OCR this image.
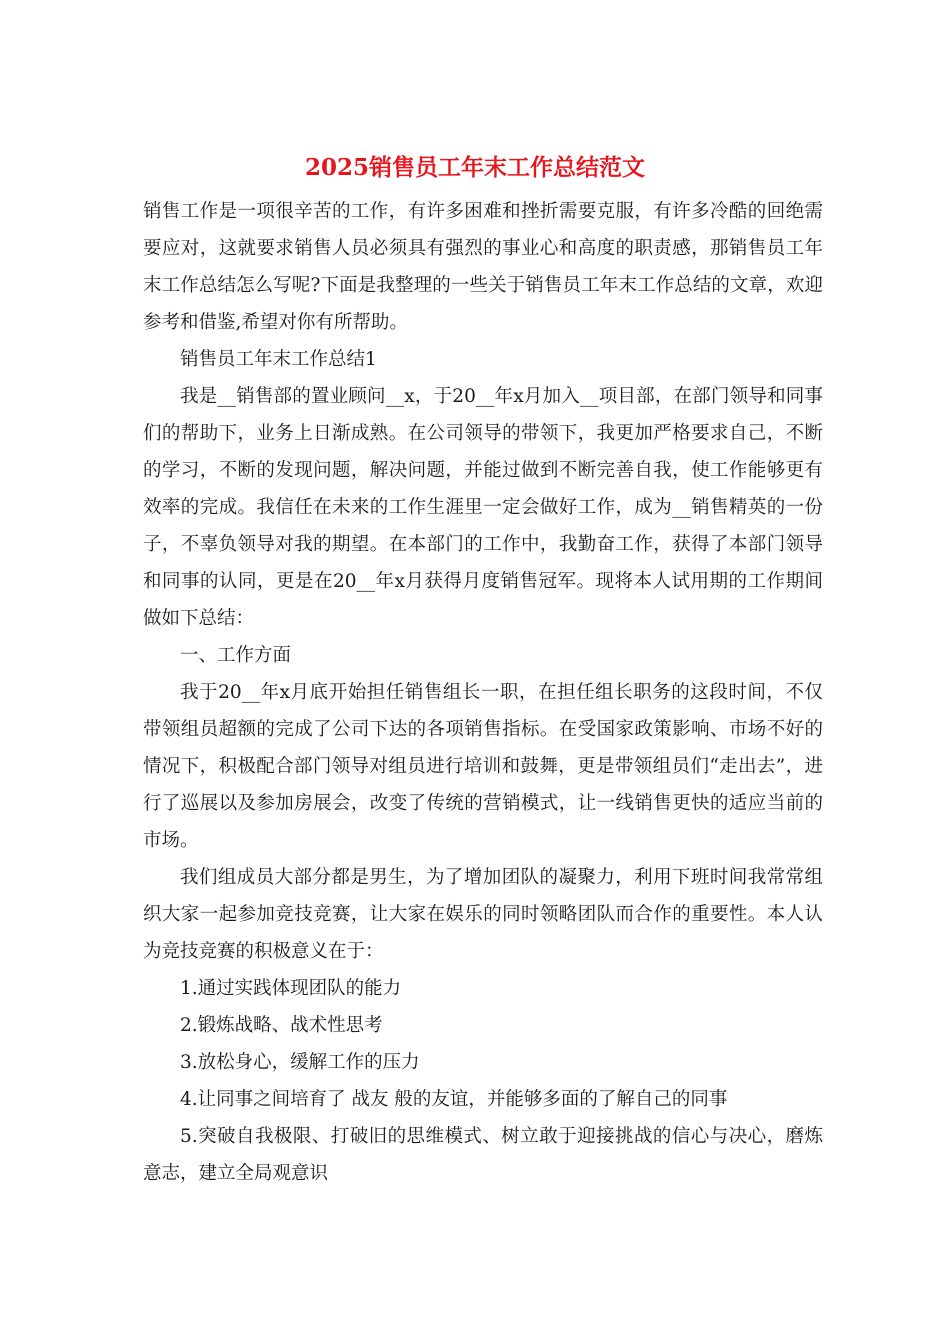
2025销售员工年末工作总结范文

销售工作是一项很辛苦的工作，有许多困难和挫折需要克服，有许多冷酷的回绝需要应对，这就要求销售人员必须具有强烈的事业心和高度的职责感，那销售员工年末工作总结怎么写呢?下面是我整理的一些关于销售员工年末工作总结的文章，欢迎参考和借鉴,希望对你有所帮助。

销售员工年末工作总结1

我是__销售部的置业顾问__x，于20__年x月加入__项目部，在部门领导和同事们的帮助下，业务上日渐成熟。在公司领导的带领下，我更加严格要求自己，不断的学习，不断的发现问题，解决问题，并能过做到不断完善自我，使工作能够更有效率的完成。我信任在未来的工作生涯里一定会做好工作，成为__销售精英的一份子，不辜负领导对我的期望。在本部门的工作中，我勤奋工作，获得了本部门领导和同事的认同，更是在20__年x月获得月度销售冠军。现将本人试用期的工作期间做如下总结：

一、工作方面

我于20__年x月底开始担任销售组长一职，在担任组长职务的这段时间，不仅带领组员超额的完成了公司下达的各项销售指标。在受国家政策影响、市场不好的情况下，积极配合部门领导对组员进行培训和鼓舞，更是带领组员们“走出去”，进行了巡展以及参加房展会，改变了传统的营销模式，让一线销售更快的适应当前的市场。

我们组成员大部分都是男生，为了增加团队的凝聚力，利用下班时间我常常组织大家一起参加竞技竞赛，让大家在娱乐的同时领略团队而合作的重要性。本人认为竞技竞赛的积极意义在于：

1.通过实践体现团队的能力

2.锻炼战略、战术性思考

3.放松身心，缓解工作的压力

4.让同事之间培育了 战友 般的友谊，并能够多面的了解自己的同事

5.突破自我极限、打破旧的思维模式、树立敢于迎接挑战的信心与决心，磨炼意志，建立全局观意识
